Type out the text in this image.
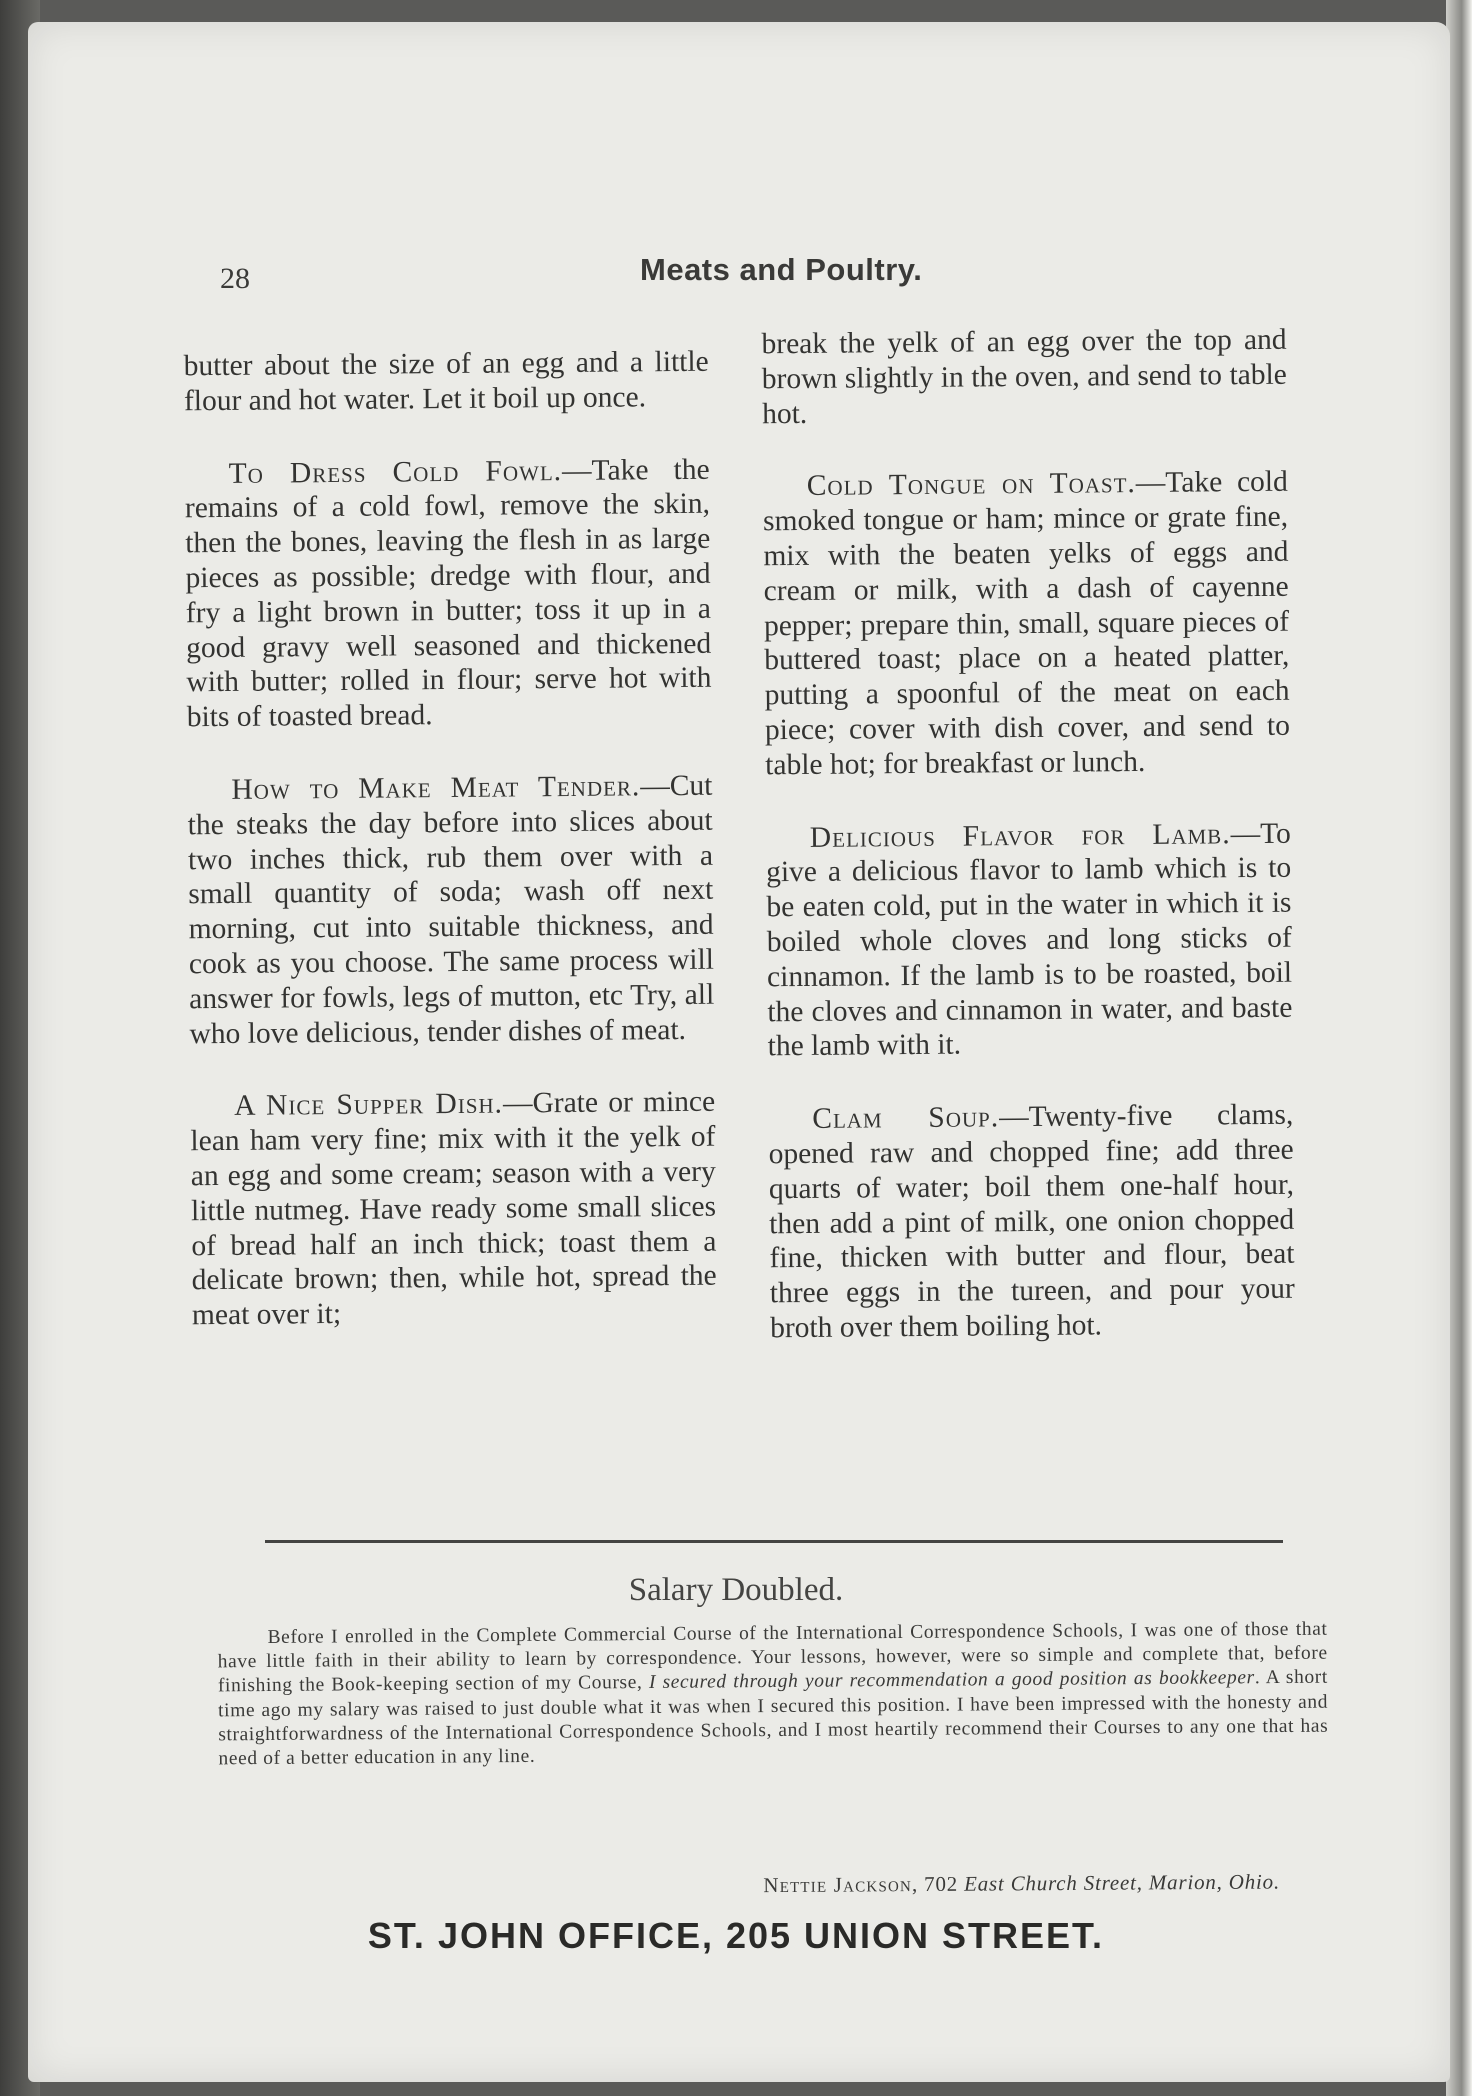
28	Meats and Poultry.

butter about the size of an egg and a little flour and hot water. Let it boil up once.

To Dress Cold Fowl.—Take the remains of a cold fowl, remove the skin, then the bones, leaving the flesh in as large pieces as possible; dredge with flour, and fry a light brown in butter; toss it up in a good gravy well seasoned and thickened with butter; rolled in flour; serve hot with bits of toasted bread.

How to Make Meat Tender.—Cut the steaks the day before into slices about two inches thick, rub them over with a small quantity of soda; wash off next morning, cut into suitable thickness, and cook as you choose. The same process will answer for fowls, legs of mutton, etc Try, all who love delicious, tender dishes of meat.

A Nice Supper Dish.—Grate or mince lean ham very fine; mix with it the yelk of an egg and some cream; season with a very little nutmeg. Have ready some small slices of bread half an inch thick; toast them a delicate brown; then, while hot, spread the meat over it;

break the yelk of an egg over the top and brown slightly in the oven, and send to table hot.

Cold Tongue on Toast.—Take cold smoked tongue or ham; mince or grate fine, mix with the beaten yelks of eggs and cream or milk, with a dash of cayenne pepper; prepare thin, small, square pieces of buttered toast; place on a heated platter, putting a spoonful of the meat on each piece; cover with dish cover, and send to table hot; for breakfast or lunch.

Delicious Flavor for Lamb.—To give a delicious flavor to lamb which is to be eaten cold, put in the water in which it is boiled whole cloves and long sticks of cinnamon. If the lamb is to be roasted, boil the cloves and cinnamon in water, and baste the lamb with it.

Clam Soup.—Twenty-five clams, opened raw and chopped fine; add three quarts of water; boil them one-half hour, then add a pint of milk, one onion chopped fine, thicken with butter and flour, beat three eggs in the tureen, and pour your broth over them boiling hot.

Salary Doubled.
Before I enrolled in the Complete Commercial Course of the International Correspondence Schools, I was one of those that have little faith in their ability to learn by correspondence. Your lessons, however, were so simple and complete that, before finishing the Book-keeping section of my Course, I secured through your recommendation a good position as bookkeeper. A short time ago my salary was raised to just double what it was when I secured this position. I have been impressed with the honesty and straightforwardness of the International Correspondence Schools, and I most heartily recommend their Courses to any one that has need of a better education in any line.
Nettie Jackson, 702 East Church Street, Marion, Ohio.
ST. JOHN OFFICE, 205 UNION STREET.
